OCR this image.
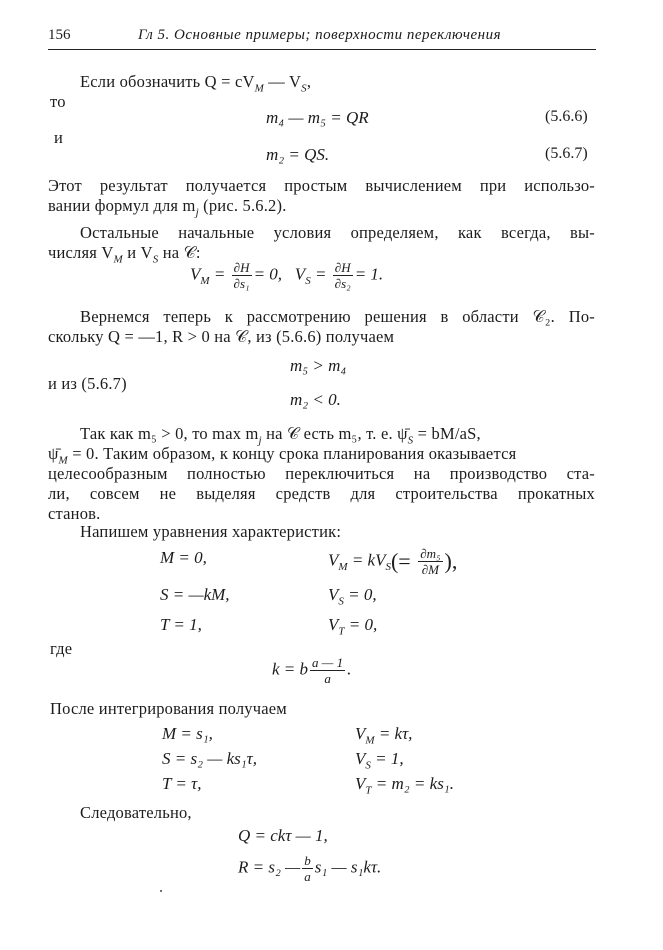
156	Гл 5. Основные примеры; поверхности переключения
Если обозначить $Q = cV_M$ — $V_S$,
то
m₄ — m₅ = QR	(5.6.6)
и
m₂ = QS.	(5.6.7)
Этот результат получается простым вычислением при использо-
вании формул для $m_j$ (рис. 5.6.2).
Остальные начальные условия определяем, как всегда, вы-
числяя $V_M$ и $V_S$ на 𝒞:
$V_M = \frac{\partial H}{\text{∂s₁}} = 0$, $V_S = \frac{\partial H}{\text{∂s₂}} = 1$.
Вернемся теперь к рассмотрению решения в области 𝒞₂. По-
скольку Q = —1, R > 0 на 𝒞, из (5.6.6) получаем
m₅ > m₄
и из (5.6.7)
m₂ < 0.
Так как m₅ > 0, то $\max m_j$ на 𝒞 есть m₅, т. е. $\psī_S = bM/aS$,
$\psī_M = 0$. Таким образом, к концу срока планирования оказывается
целесообразным полностью переключиться на производство ста-
ли, совсем не выделяя средств для строительства прокатных
станов.
Напишем уравнения характеристик:
M = 0,	$V_M = kV_S(= \frac{\text{∂m₅}}{\partial M}$ ),
S = —kM,	$V_S = 0$,
T = 1,	$V_T = 0$,
где
k = b $\frac{a — 1}{a}$ .
После интегрирования получаем
M = s₁,	$V_M = k\tau$,
S = s₂ — ks₁τ,	$V_S = 1$,
T = τ,	$V_T = m_2 = ks_1$.
Следовательно,
Q = ckτ — 1,
R = s₂ — $\frac{b}{a} s_1$ — s₁kτ.
